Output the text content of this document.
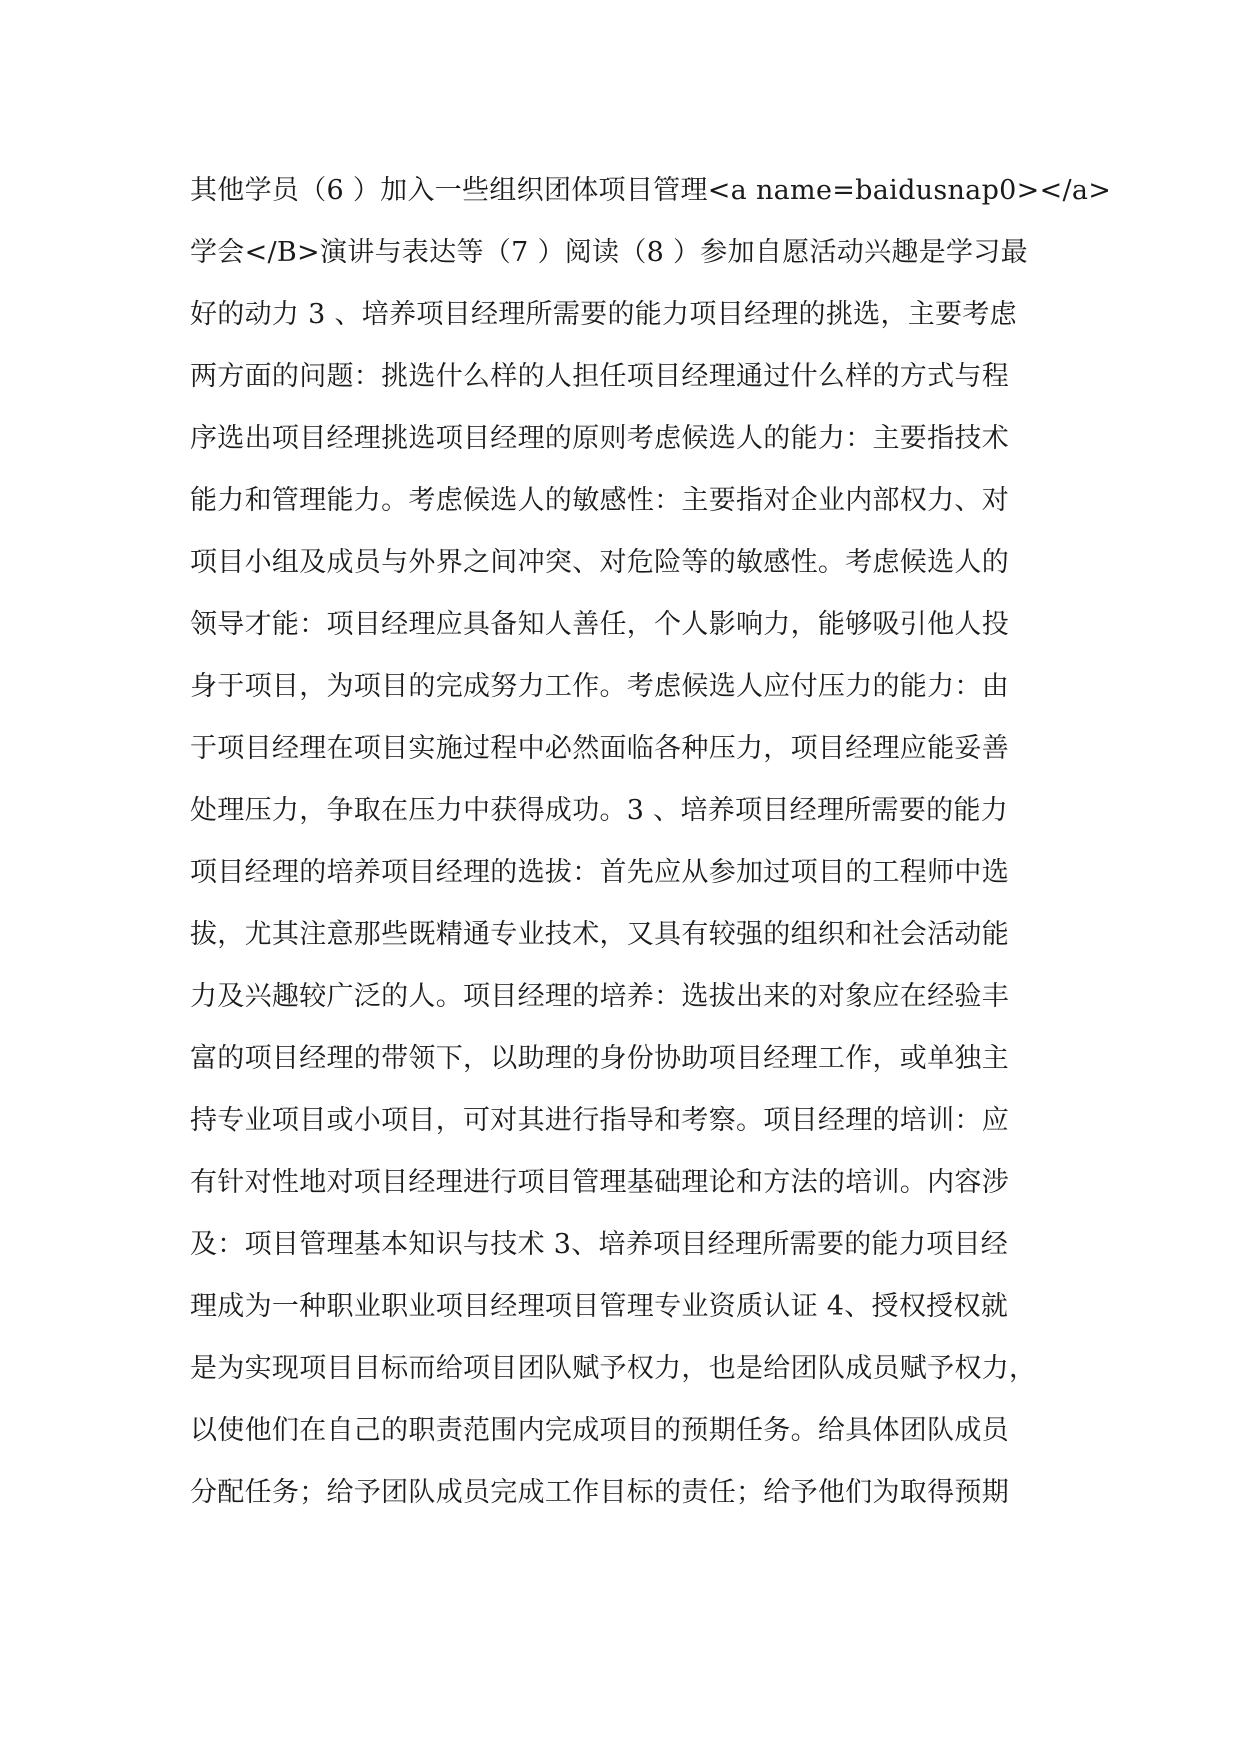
其他学员（6 ）加入一些组织团体项目管理<a name=baidusnap0></a>
学会</B>演讲与表达等（7 ）阅读（8 ）参加自愿活动兴趣是学习最
好的动力 3 、培养项目经理所需要的能力项目经理的挑选，主要考虑
两方面的问题：挑选什么样的人担任项目经理通过什么样的方式与程
序选出项目经理挑选项目经理的原则考虑候选人的能力：主要指技术
能力和管理能力。考虑候选人的敏感性：主要指对企业内部权力、对
项目小组及成员与外界之间冲突、对危险等的敏感性。考虑候选人的
领导才能：项目经理应具备知人善任，个人影响力，能够吸引他人投
身于项目，为项目的完成努力工作。考虑候选人应付压力的能力：由
于项目经理在项目实施过程中必然面临各种压力，项目经理应能妥善
处理压力，争取在压力中获得成功。3 、培养项目经理所需要的能力
项目经理的培养项目经理的选拔：首先应从参加过项目的工程师中选
拔，尤其注意那些既精通专业技术，又具有较强的组织和社会活动能
力及兴趣较广泛的人。项目经理的培养：选拔出来的对象应在经验丰
富的项目经理的带领下，以助理的身份协助项目经理工作，或单独主
持专业项目或小项目，可对其进行指导和考察。项目经理的培训：应
有针对性地对项目经理进行项目管理基础理论和方法的培训。内容涉
及：项目管理基本知识与技术 3、培养项目经理所需要的能力项目经
理成为一种职业职业项目经理项目管理专业资质认证 4、授权授权就
是为实现项目目标而给项目团队赋予权力，也是给团队成员赋予权力，
以使他们在自己的职责范围内完成项目的预期任务。给具体团队成员
分配任务；给予团队成员完成工作目标的责任；给予他们为取得预期
